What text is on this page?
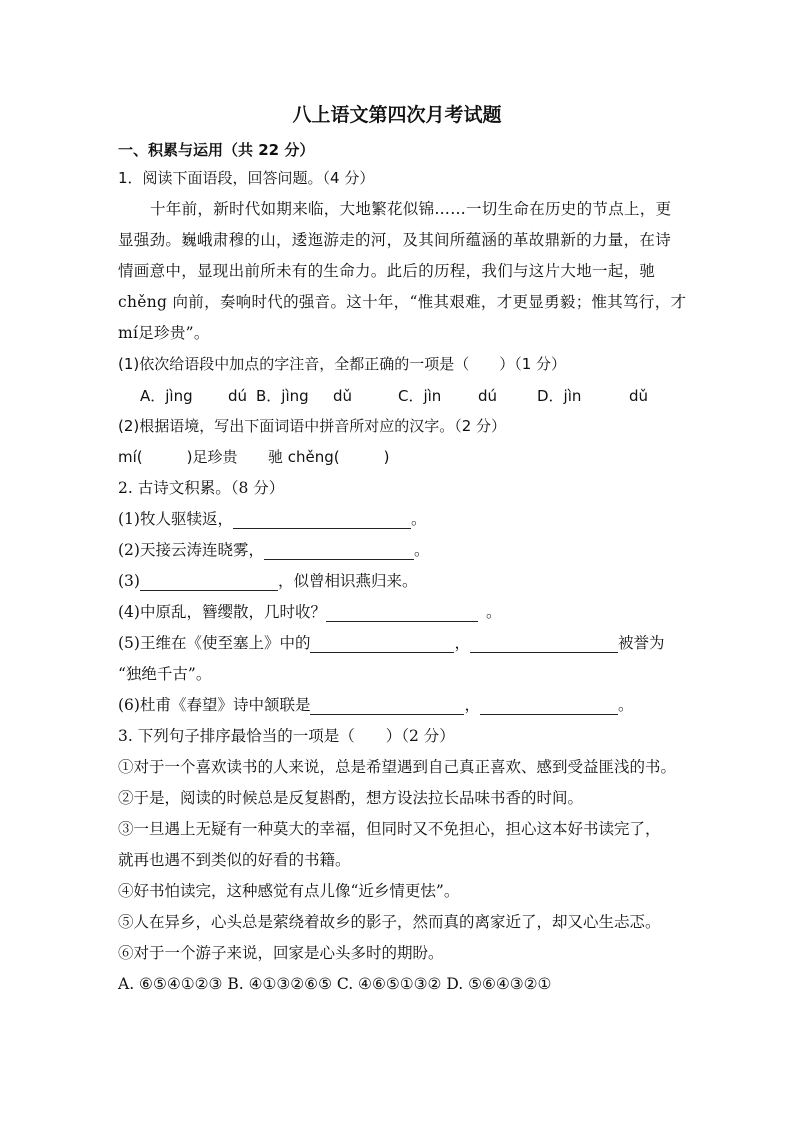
八上语文第四次月考试题
一、积累与运用（共 22 分）
1．阅读下面语段，回答问题。（4 分）
十年前，新时代如期来临，大地繁花似锦……一切生命在历史的节点上，更
显强劲。巍峨肃穆的山，逶迤游走的河，及其间所蕴涵的革故鼎新的力量，在诗
情画意中，显现出前所未有的生命力。此后的历程，我们与这片大地一起，驰
chěng 向前，奏响时代的强音。这十年，“惟其艰难，才更显勇毅；惟其笃行，才
mí足珍贵”。
(1)依次给语段中加点的字注音，全都正确的一项是（　　）（1 分）
A．jìng dú B．jìng dǔ	C．jìn dú	D．jìn	dǔ
(2)根据语境，写出下面词语中拼音所对应的汉字。（2 分）
mí(	)足珍贵 驰 chěng(	)
2. 古诗文积累。（8 分）
(1)牧人驱犊返，	。
(2)天接云涛连晓雾，	。
(3)	，似曾相识燕归来。
(4)中原乱，簪缨散，几时收？	。
(5)王维在《使至塞上》中的	，	被誉为
“独绝千古”。
(6)杜甫《春望》诗中颔联是	，	。
3. 下列句子排序最恰当的一项是（　　）（2 分）
①对于一个喜欢读书的人来说，总是希望遇到自己真正喜欢、感到受益匪浅的书。
②于是，阅读的时候总是反复斟酌，想方设法拉长品味书香的时间。
③一旦遇上无疑有一种莫大的幸福，但同时又不免担心，担心这本好书读完了，
就再也遇不到类似的好看的书籍。
④好书怕读完，这种感觉有点儿像“近乡情更怯”。
⑤人在异乡，心头总是萦绕着故乡的影子，然而真的离家近了，却又心生忐忑。
⑥对于一个游子来说，回家是心头多时的期盼。
A. ⑥⑤④①②③ B. ④①③②⑥⑤ C. ④⑥⑤①③② D. ⑤⑥④③②①
